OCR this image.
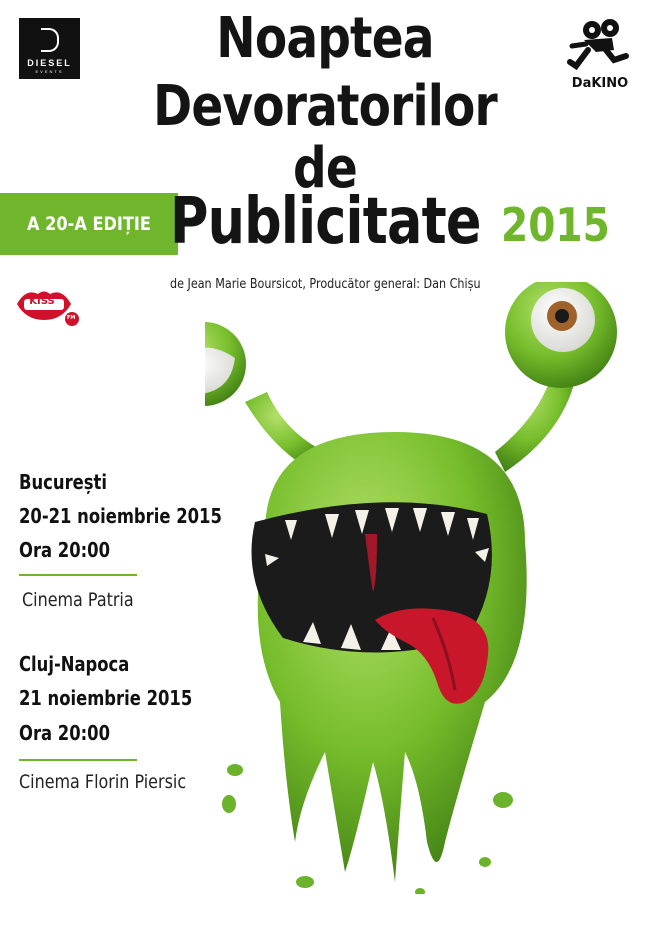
DIESEL
EVENTS
DaKINO
Noaptea
Devoratorilor de
A 20-A EDIȚIE Publicitate 2015
de Jean Marie Boursicot, Producător general: Dan Chișu
KISS
FM
București
20-21 noiembrie 2015
Ora 20:00
Cinema Patria
Cluj-Napoca
21 noiembrie 2015
Ora 20:00
Cinema Florin Piersic
